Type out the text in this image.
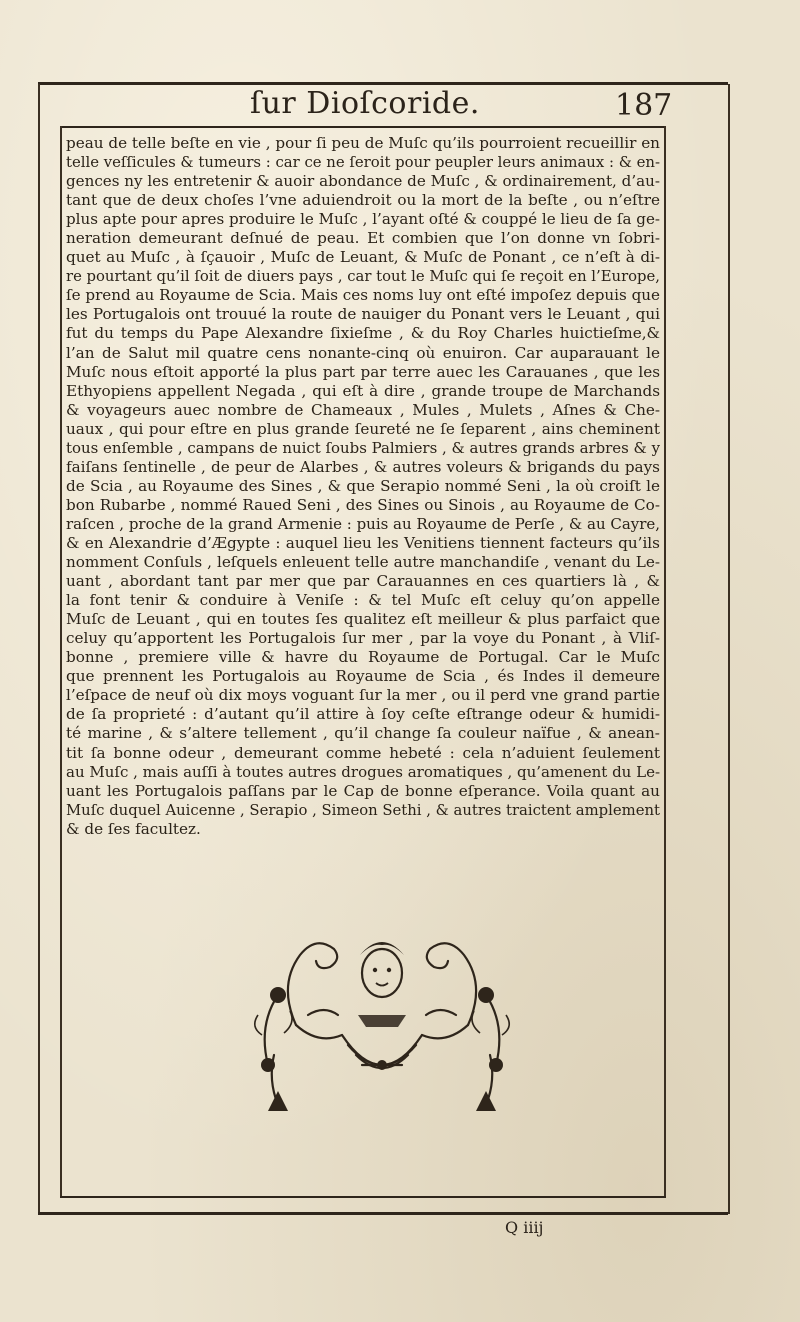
ſur Dioſcoride.	187
peau de telle beſte en vie , pour ſi peu de Muſc qu’ils pourroient recueillir en
telle veſſicules & tumeurs : car ce ne ſeroit pour peupler leurs animaux : & en-
gences ny les entretenir & auoir abondance de Muſc , & ordinairement, d’au-
tant que de deux choſes l’vne aduiendroit ou la mort de la beſte , ou n’eſtre
plus apte pour apres produire le Muſc , l’ayant oſté & couppé le lieu de ſa ge-
neration demeurant deſnué de peau. Et combien que l’on donne vn ſobri-
quet au Muſc , à ſçauoir , Muſc de Leuant, & Muſc de Ponant , ce n’eſt à di-
re pourtant qu’il ſoit de diuers pays , car tout le Muſc qui ſe reçoit en l’Europe,
ſe prend au Royaume de Scia. Mais ces noms luy ont eſté impoſez depuis que
les Portugalois ont trouué la route de nauiger du Ponant vers le Leuant , qui
fut du temps du Pape Alexandre ſixieſme , & du Roy Charles huictieſme,&
l’an de Salut mil quatre cens nonante-cinq où enuiron. Car auparauant le
Muſc nous eſtoit apporté la plus part par terre auec les Carauanes , que les
Ethyopiens appellent Negada , qui eſt à dire , grande troupe de Marchands
& voyageurs auec nombre de Chameaux , Mules , Mulets , Aſnes & Che-
uaux , qui pour eſtre en plus grande ſeureté ne ſe ſeparent , ains cheminent
tous enſemble , campans de nuict ſoubs Palmiers , & autres grands arbres & y
faiſans ſentinelle , de peur de Alarbes , & autres voleurs & brigands du pays
de Scia , au Royaume des Sines , & que Serapio nommé Seni , la où croiſt le
bon Rubarbe , nommé Raued Seni , des Sines ou Sinois , au Royaume de Co-
raſcen , proche de la grand Armenie : puis au Royaume de Perſe , & au Cayre,
& en Alexandrie d’Ægypte : auquel lieu les Venitiens tiennent facteurs qu’ils
nomment Conſuls , leſquels enleuent telle autre manchandiſe , venant du Le-
uant , abordant tant par mer que par Carauannes en ces quartiers là , &
la font tenir & conduire à Veniſe : & tel Muſc eſt celuy qu’on appelle
Muſc de Leuant , qui en toutes ſes qualitez eſt meilleur & plus parfaict que
celuy qu’apportent les Portugalois ſur mer , par la voye du Ponant , à Vliſ-
bonne , premiere ville & havre du Royaume de Portugal. Car le Muſc
que prennent les Portugalois au Royaume de Scia , és Indes il demeure
l’eſpace de neuf où dix moys voguant ſur la mer , ou il perd vne grand partie
de ſa proprieté : d’autant qu’il attire à ſoy ceſte eſtrange odeur & humidi-
té marine , & s’altere tellement , qu’il change ſa couleur naïfue , & anean-
tit ſa bonne odeur , demeurant comme hebeté : cela n’aduient ſeulement
au Muſc , mais auſſi à toutes autres drogues aromatiques , qu’amenent du Le-
uant les Portugalois paſſans par le Cap de bonne eſperance. Voila quant au
Muſc duquel Auicenne , Serapio , Simeon Sethi , & autres traictent amplement
& de ſes facultez.
Q iiij
